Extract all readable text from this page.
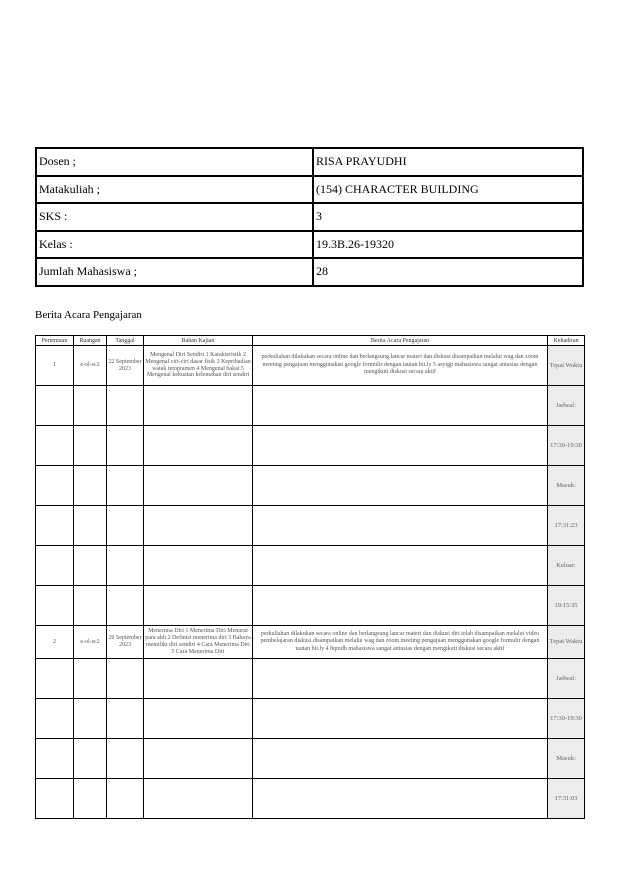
Dosen ;	RISA PRAYUDHI
Matakuliah ;	(154) CHARACTER BUILDING
SKS :	3
Kelas :	19.3B.26-19320
Jumlah Mahasiswa ;	28
Berita Acara Pengajaran
Pertemuan	Ruangan	Tanggal	Bahan Kajian	Berita Acara Pengajaran	Kehadiran
1	e-ol-sc2	22 September 2023	Mengenal Diri Sendiri 1 Karakteristik 2 Mengenal ciri-ciri dasar fisik 3 Kepribadian watak tempramen 4 Mengenal bakat 5 Mengenal kekuatan kelemahan diri sendiri	perkuliahan dilakukan secara online dan berlangsung lancar materi dan diskusi disampaikan melalui wag dan zoom meeting pengajuan menggunakan google formulir dengan tautan bit.ly 5 asyigp mahasiswa sangat antusias dengan mengikuti diskusi secara aktif	Tepat Waktu
					Jadwal:
					17:30-19:30
					Masuk:
					17:31:23
					Keluar:
					19:15:35
2	e-ol-sc2	29 September 2023	Menerima Diri 1 Menerima Diri Menurut para ahli 2 Definisi menerima diri 3 Bahaya memiliki diri sendiri 4 Cara Menerima Diri 5 Cara Menerima Diri	perkuliahan dilakukan secara online dan berlangsung lancar materi dan diskusi diri telah disampaikan melalui video pembelajaran diskusi disampaikan melalui wag dan zoom meeting pengajuan menggunakan google formulir dengan tautan bit.ly 4 8qmdb mahasiswa sangat antusias dengan mengikuti diskusi secara aktif	Tepat Waktu
					Jadwal:
					17:30-19:30
					Masuk:
					17:31:03
